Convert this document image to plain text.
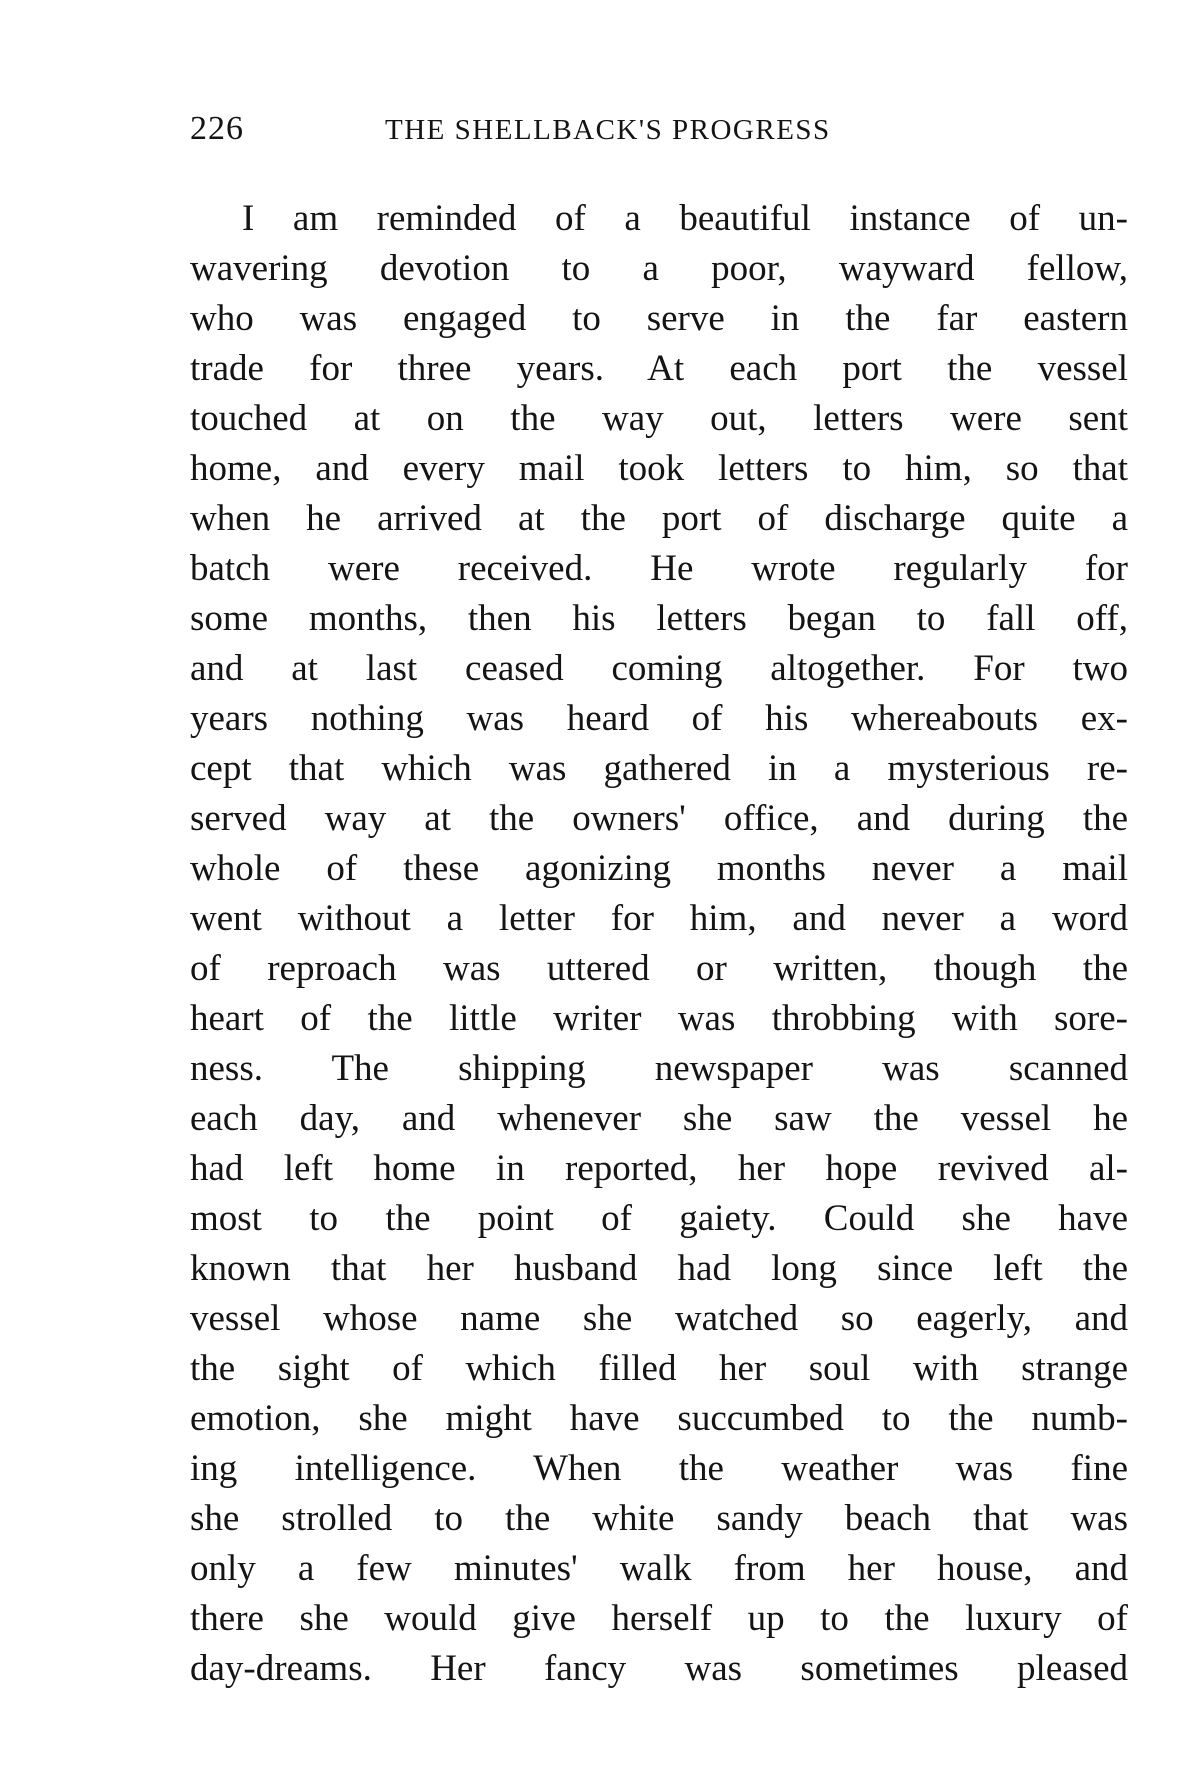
226	THE SHELLBACK'S PROGRESS
I am reminded of a beautiful instance of un-
wavering devotion to a poor, wayward fellow,
who was engaged to serve in the far eastern
trade for three years. At each port the vessel
touched at on the way out, letters were sent
home, and every mail took letters to him, so that
when he arrived at the port of discharge quite a
batch were received. He wrote regularly for
some months, then his letters began to fall off,
and at last ceased coming altogether. For two
years nothing was heard of his whereabouts ex-
cept that which was gathered in a mysterious re-
served way at the owners' office, and during the
whole of these agonizing months never a mail
went without a letter for him, and never a word
of reproach was uttered or written, though the
heart of the little writer was throbbing with sore-
ness. The shipping newspaper was scanned
each day, and whenever she saw the vessel he
had left home in reported, her hope revived al-
most to the point of gaiety. Could she have
known that her husband had long since left the
vessel whose name she watched so eagerly, and
the sight of which filled her soul with strange
emotion, she might have succumbed to the numb-
ing intelligence. When the weather was fine
she strolled to the white sandy beach that was
only a few minutes' walk from her house, and
there she would give herself up to the luxury of
day-dreams. Her fancy was sometimes pleased
